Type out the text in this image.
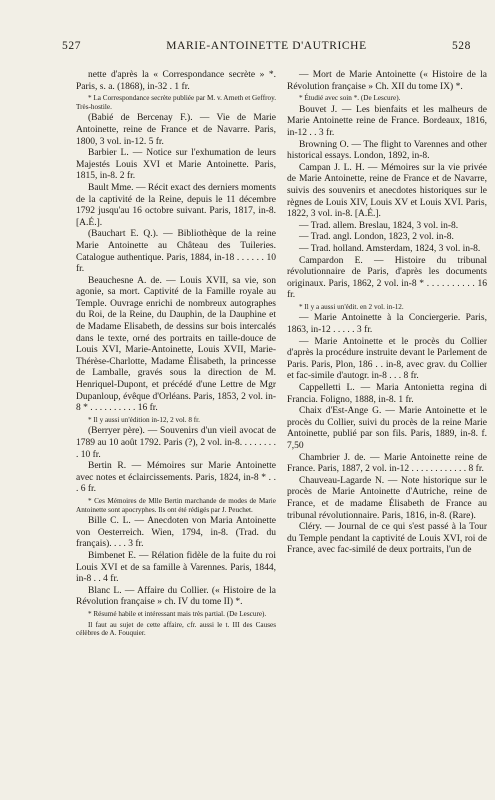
527	MARIE-ANTOINETTE D'AUTRICHE	528

nette d'après la « Correspondance secrète » *. Paris, s. a. (1868), in-32 . 1 fr.

* La Correspondance secrète publiée par M. v. Arneth et Geffroy. Très-hostile.

(Babié de Bercenay F.). — Vie de Marie Antoinette, reine de France et de Navarre. Paris, 1800, 3 vol. in-12. 5 fr.

Barbier L. — Notice sur l'exhumation de leurs Majestés Louis XVI et Marie Antoinette. Paris, 1815, in-8. 2 fr.

Bault Mme. — Récit exact des derniers moments de la captivité de la Reine, depuis le 11 décembre 1792 jusqu'au 16 octobre suivant. Paris, 1817, in-8. [A.É.].

(Bauchart E. Q.). — Bibliothèque de la reine Marie Antoinette au Château des Tuileries. Catalogue authentique. Paris, 1884, in-18 . . . . . . 10 fr.

Beauchesne A. de. — Louis XVII, sa vie, son agonie, sa mort. Captivité de la Famille royale au Temple. Ouvrage enrichi de nombreux autographes du Roi, de la Reine, du Dauphin, de la Dauphine et de Madame Elisabeth, de dessins sur bois intercalés dans le texte, orné des portraits en taille-douce de Louis XVI, Marie-Antoinette, Louis XVII, Marie-Thérèse-Charlotte, Madame Élisabeth, la princesse de Lamballe, gravés sous la direction de M. Henriquel-Dupont, et précédé d'une Lettre de Mgr Dupanloup, évêque d'Orléans. Paris, 1853, 2 vol. in-8 * . . . . . . . . . . 16 fr.

* Il y aussi un'édition in-12, 2 vol. 8 fr.

(Berryer père). — Souvenirs d'un vieil avocat de 1789 au 10 août 1792. Paris (?), 2 vol. in-8. . . . . . . . . 10 fr.

Bertin R. — Mémoires sur Marie Antoinette avec notes et éclaircissements. Paris, 1824, in-8 * . . . 6 fr.

* Ces Mémoires de Mlle Bertin marchande de modes de Marie Antoinette sont apocryphes. Ils ont été rédigés par J. Peuchet.

Bille C. L. — Anecdoten von Maria Antoinette von Oesterreich. Wien, 1794, in-8. (Trad. du français). . . . 3 fr.

Bimbenet E. — Rélation fidèle de la fuite du roi Louis XVI et de sa famille à Varennes. Paris, 1844, in-8 . . 4 fr.

Blanc L. — Affaire du Collier. (« Histoire de la Révolution française » ch. IV du tome II) *.

* Résumé habile et intéressant mais très partial. (De Lescure).

Il faut au sujet de cette affaire, cfr. aussi le t. III des Causes célèbres de A. Fouquier.

— Mort de Marie Antoinette (« Histoire de la Révolution française » Ch. XII du tome IX) *.

* Étudié avec soin *. (De Lescure).

Bouvet J. — Les bienfaits et les malheurs de Marie Antoinette reine de France. Bordeaux, 1816, in-12 . . 3 fr.

Browning O. — The flight to Varennes and other historical essays. London, 1892, in-8.

Campan J. L. H. — Mémoires sur la vie privée de Marie Antoinette, reine de France et de Navarre, suivis des souvenirs et anecdotes historiques sur le règnes de Louis XIV, Louis XV et Louis XVI. Paris, 1822, 3 vol. in-8. [A.É.].

— Trad. allem. Breslau, 1824, 3 vol. in-8.

— Trad. angl. London, 1823, 2 vol. in-8.

— Trad. holland. Amsterdam, 1824, 3 vol. in-8.

Campardon E. — Histoire du tribunal révolutionnaire de Paris, d'après les documents originaux. Paris, 1862, 2 vol. in-8 * . . . . . . . . . . 16 fr.

* Il y a aussi un'édit. en 2 vol. in-12.

— Marie Antoinette à la Conciergerie. Paris, 1863, in-12 . . . . . 3 fr.

— Marie Antoinette et le procès du Collier d'après la procédure instruite devant le Parlement de Paris. Paris, Plon, 186 . . in-8, avec grav. du Collier et fac-simile d'autogr. in-8 . . . 8 fr.

Cappelletti L. — Maria Antonietta regina di Francia. Foligno, 1888, in-8. 1 fr.

Chaix d'Est-Ange G. — Marie Antoinette et le procès du Collier, suivi du procès de la reine Marie Antoinette, publié par son fils. Paris, 1889, in-8. f. 7,50

Chambrier J. de. — Marie Antoinette reine de France. Paris, 1887, 2 vol. in-12 . . . . . . . . . . . . 8 fr.

Chauveau-Lagarde N. — Note historique sur le procès de Marie Antoinette d'Autriche, reine de France, et de madame Élisabeth de France au tribunal révolutionnaire. Paris, 1816, in-8. (Rare).

Cléry. — Journal de ce qui s'est passé à la Tour du Temple pendant la captivité de Louis XVI, roi de France, avec fac-similé de deux portraits, l'un de
